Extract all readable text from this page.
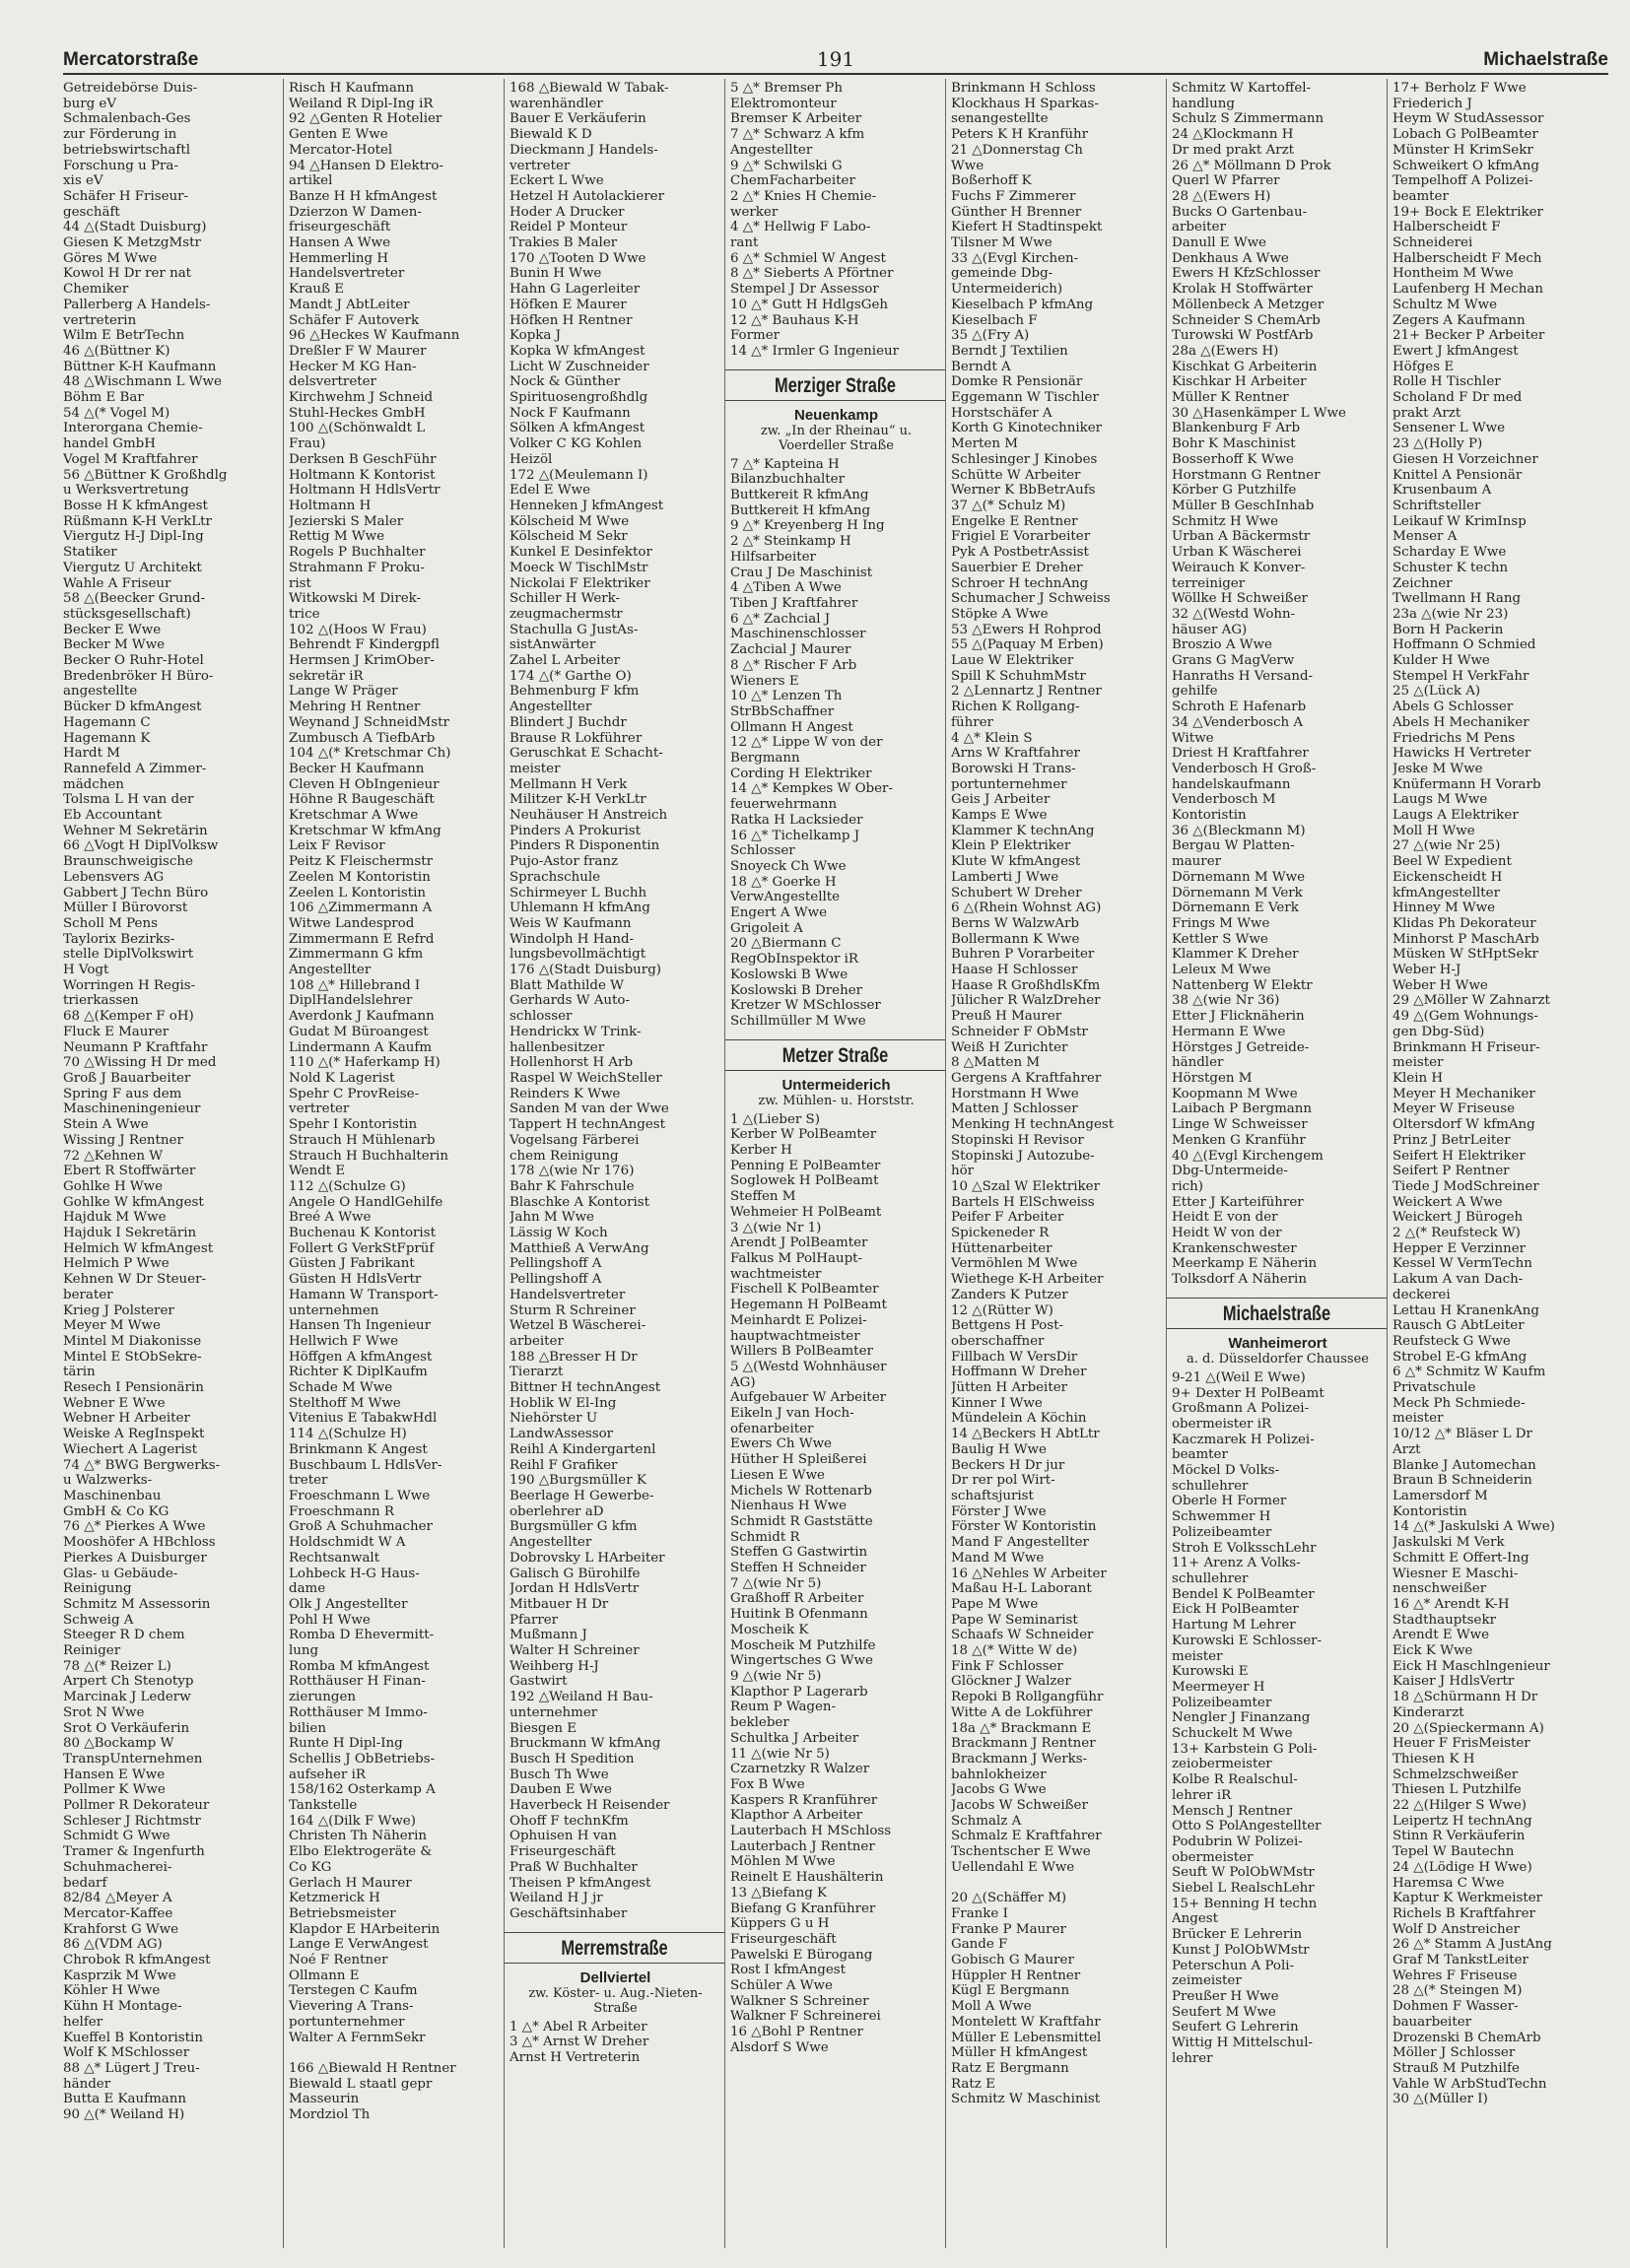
Mercatorstraße	191	Michaelstraße
Getreidebörse Duis-
burg eV
Schmalenbach-Ges
zur Förderung in
betriebswirtschaftl
Forschung u Pra-
xis eV
Schäfer H Friseur-
geschäft
44 △(Stadt Duisburg)
Giesen K MetzgMstr
Göres M Wwe
Kowol H Dr rer nat
Chemiker
Pallerberg A Handels-
vertreterin
Wilm E BetrTechn
46 △(Büttner K)
Büttner K-H Kaufmann
48 △Wischmann L Wwe
Böhm E Bar
54 △(* Vogel M)
Interorgana Chemie-
handel GmbH
Vogel M Kraftfahrer
56 △Büttner K Großhdlg
u Werksvertretung
Bosse H K kfmAngest
Rüßmann K-H VerkLtr
Viergutz H-J Dipl-Ing
Statiker
Viergutz U Architekt
Wahle A Friseur
58 △(Beecker Grund-
stücksgesellschaft)
Becker E Wwe
Becker M Wwe
Becker O Ruhr-Hotel
Bredenbröker H Büro-
angestellte
Bücker D kfmAngest
Hagemann C
Hagemann K
Hardt M
Rannefeld A Zimmer-
mädchen
Tolsma L H van der
Eb Accountant
Wehner M Sekretärin
66 △Vogt H DiplVolksw
Braunschweigische
Lebensvers AG
Gabbert J Techn Büro
Müller I Bürovorst
Scholl M Pens
Taylorix Bezirks-
stelle DiplVolkswirt
H Vogt
Worringen H Regis-
trierkassen
68 △(Kemper F oH)
Fluck E Maurer
Neumann P Kraftfahr
70 △Wissing H Dr med
Groß J Bauarbeiter
Spring F aus dem
Maschineningenieur
Stein A Wwe
Wissing J Rentner
72 △Kehnen W
Ebert R Stoffwärter
Gohlke H Wwe
Gohlke W kfmAngest
Hajduk M Wwe
Hajduk I Sekretärin
Helmich W kfmAngest
Helmich P Wwe
Kehnen W Dr Steuer-
berater
Krieg J Polsterer
Meyer M Wwe
Mintel M Diakonisse
Mintel E StObSekre-
tärin
Resech I Pensionärin
Webner E Wwe
Webner H Arbeiter
Weiske A RegInspekt
Wiechert A Lagerist
74 △* BWG Bergwerks-
u Walzwerks-
Maschinenbau
GmbH & Co KG
76 △* Pierkes A Wwe
Mooshöfer A HBchloss
Pierkes A Duisburger
Glas- u Gebäude-
Reinigung
Schmitz M Assessorin
Schweig A
Steeger R D chem
Reiniger
78 △(* Reizer L)
Arpert Ch Stenotyp
Marcinak J Lederw
Srot N Wwe
Srot O Verkäuferin
80 △Bockamp W
TranspUnternehmen
Hansen E Wwe
Pollmer K Wwe
Pollmer R Dekorateur
Schleser J Richtmstr
Schmidt G Wwe
Tramer & Ingenfurth
Schuhmacherei-
bedarf
82/84 △Meyer A
Mercator-Kaffee
Krahforst G Wwe
86 △(VDM AG)
Chrobok R kfmAngest
Kasprzik M Wwe
Köhler H Wwe
Kühn H Montage-
helfer
Kueffel B Kontoristin
Wolf K MSchlosser
88 △* Lügert J Treu-
händer
Butta E Kaufmann
90 △(* Weiland H)
Risch H Kaufmann
Weiland R Dipl-Ing iR
92 △Genten R Hotelier
Genten E Wwe
Mercator-Hotel
94 △Hansen D Elektro-
artikel
Banze H H kfmAngest
Dzierzon W Damen-
friseurgeschäft
Hansen A Wwe
Hemmerling H
Handelsvertreter
Krauß E
Mandt J AbtLeiter
Schäfer F Autoverk
96 △Heckes W Kaufmann
Dreßler F W Maurer
Hecker M KG Han-
delsvertreter
Kirchwehm J Schneid
Stuhl-Heckes GmbH
100 △(Schönwaldt L
Frau)
Derksen B GeschFühr
Holtmann K Kontorist
Holtmann H HdlsVertr
Holtmann H
Jezierski S Maler
Rettig M Wwe
Rogels P Buchhalter
Strahmann F Proku-
rist
Witkowski M Direk-
trice
102 △(Hoos W Frau)
Behrendt F Kindergpfl
Hermsen J KrimOber-
sekretär iR
Lange W Präger
Mehring H Rentner
Weynand J SchneidMstr
Zumbusch A TiefbArb
104 △(* Kretschmar Ch)
Becker H Kaufmann
Cleven H ObIngenieur
Höhne R Baugeschäft
Kretschmar A Wwe
Kretschmar W kfmAng
Leix F Revisor
Peitz K Fleischermstr
Zeelen M Kontoristin
Zeelen L Kontoristin
106 △Zimmermann A
Witwe Landesprod
Zimmermann E Refrd
Zimmermann G kfm
Angestellter
108 △* Hillebrand I
DiplHandelslehrer
Averdonk J Kaufmann
Gudat M Büroangest
Lindermann A Kaufm
110 △(* Haferkamp H)
Nold K Lagerist
Spehr C ProvReise-
vertreter
Spehr I Kontoristin
Strauch H Mühlenarb
Strauch H Buchhalterin
Wendt E
112 △(Schulze G)
Angele O HandlGehilfe
Breé A Wwe
Buchenau K Kontorist
Follert G VerkStFprüf
Güsten J Fabrikant
Güsten H HdlsVertr
Hamann W Transport-
unternehmen
Hansen Th Ingenieur
Hellwich F Wwe
Höffgen A kfmAngest
Richter K DiplKaufm
Schade M Wwe
Stelthoff M Wwe
Vitenius E TabakwHdl
114 △(Schulze H)
Brinkmann K Angest
Buschbaum L HdlsVer-
treter
Froeschmann L Wwe
Froeschmann R
Groß A Schuhmacher
Holdschmidt W A
Rechtsanwalt
Lohbeck H-G Haus-
dame
Olk J Angestellter
Pohl H Wwe
Romba D Ehevermitt-
lung
Romba M kfmAngest
Rotthäuser H Finan-
zierungen
Rotthäuser M Immo-
bilien
Runte H Dipl-Ing
Schellis J ObBetriebs-
aufseher iR
158/162 Osterkamp A
Tankstelle
164 △(Dilk F Wwe)
Christen Th Näherin
Elbo Elektrogeräte &
Co KG
Gerlach H Maurer
Ketzmerick H
Betriebsmeister
Klapdor E HArbeiterin
Lange E VerwAngest
Noé F Rentner
Ollmann E
Terstegen C Kaufm
Vievering A Trans-
portunternehmer
Walter A FernmSekr
166 △Biewald H Rentner
Biewald L staatl gepr
Masseurin
Mordziol Th
168 △Biewald W Tabak-
warenhändler
Bauer E Verkäuferin
Biewald K D
Dieckmann J Handels-
vertreter
Eckert L Wwe
Hetzel H Autolackierer
Hoder A Drucker
Reidel P Monteur
Trakies B Maler
170 △Tooten D Wwe
Bunin H Wwe
Hahn G Lagerleiter
Höfken E Maurer
Höfken H Rentner
Kopka J
Kopka W kfmAngest
Licht W Zuschneider
Nock & Günther
Spirituosengroßhdlg
Nock F Kaufmann
Sölken A kfmAngest
Volker C KG Kohlen
Heizöl
172 △(Meulemann I)
Edel E Wwe
Henneken J kfmAngest
Kölscheid M Wwe
Kölscheid M Sekr
Kunkel E Desinfektor
Moeck W TischlMstr
Nickolai F Elektriker
Schiller H Werk-
zeugmachermstr
Stachulla G JustAs-
sistAnwärter
Zahel L Arbeiter
174 △(* Garthe O)
Behmenburg F kfm
Angestellter
Blindert J Buchdr
Brause R Lokführer
Geruschkat E Schacht-
meister
Mellmann H Verk
Militzer K-H VerkLtr
Neuhäuser H Anstreich
Pinders A Prokurist
Pinders R Disponentin
Pujo-Astor franz
Sprachschule
Schirmeyer L Buchh
Uhlemann H kfmAng
Weis W Kaufmann
Windolph H Hand-
lungsbevollmächtigt
176 △(Stadt Duisburg)
Blatt Mathilde W
Gerhards W Auto-
schlosser
Hendrickx W Trink-
hallenbesitzer
Hollenhorst H Arb
Raspel W WeichSteller
Reinders K Wwe
Sanden M van der Wwe
Tappert H technAngest
Vogelsang Färberei
chem Reinigung
178 △(wie Nr 176)
Bahr K Fahrschule
Blaschke A Kontorist
Jahn M Wwe
Lässig W Koch
Matthieß A VerwAng
Pellingshoff A
Pellingshoff A
Handelsvertreter
Sturm R Schreiner
Wetzel B Wäscherei-
arbeiter
188 △Bresser H Dr
Tierarzt
Bittner H technAngest
Hoblik W El-Ing
Niehörster U
LandwAssessor
Reihl A Kindergartenl
Reihl F Grafiker
190 △Burgsmüller K
Beerlage H Gewerbe-
oberlehrer aD
Burgsmüller G kfm
Angestellter
Dobrovsky L HArbeiter
Galisch G Bürohilfe
Jordan H HdlsVertr
Mitbauer H Dr
Pfarrer
Mußmann J
Walter H Schreiner
Weihberg H-J
Gastwirt
192 △Weiland H Bau-
unternehmer
Biesgen E
Bruckmann W kfmAng
Busch H Spedition
Busch Th Wwe
Dauben E Wwe
Haverbeck H Reisender
Ohoff F technKfm
Ophuisen H van
Friseurgeschäft
Praß W Buchhalter
Theisen P kfmAngest
Weiland H J jr
Geschäftsinhaber
Merremstraße
Dellviertel
zw. Köster- u. Aug.-Nieten-Straße
1 △* Abel R Arbeiter
3 △* Arnst W Dreher
Arnst H Vertreterin
5 △* Bremser Ph
Elektromonteur
Bremser K Arbeiter
7 △* Schwarz A kfm
Angestellter
9 △* Schwilski G
ChemFacharbeiter
2 △* Knies H Chemie-
werker
4 △* Hellwig F Labo-
rant
6 △* Schmiel W Angest
8 △* Sieberts A Pförtner
Stempel J Dr Assessor
10 △* Gutt H HdlgsGeh
12 △* Bauhaus K-H
Former
14 △* Irmler G Ingenieur
Merziger Straße
Neuenkamp
zw. „In der Rheinau“ u. Voerdeller Straße
7 △* Kapteina H
Bilanzbuchhalter
Buttkereit R kfmAng
Buttkereit H kfmAng
9 △* Kreyenberg H Ing
2 △* Steinkamp H
Hilfsarbeiter
Crau J De Maschinist
4 △Tiben A Wwe
Tiben J Kraftfahrer
6 △* Zachcial J
Maschinenschlosser
Zachcial J Maurer
8 △* Rischer F Arb
Wieners E
10 △* Lenzen Th
StrBbSchaffner
Ollmann H Angest
12 △* Lippe W von der
Bergmann
Cording H Elektriker
14 △* Kempkes W Ober-
feuerwehrmann
Ratka H Lacksieder
16 △* Tichelkamp J
Schlosser
Snoyeck Ch Wwe
18 △* Goerke H
VerwAngestellte
Engert A Wwe
Grigoleit A
20 △Biermann C
RegObInspektor iR
Koslowski B Wwe
Koslowski B Dreher
Kretzer W MSchlosser
Schillmüller M Wwe
Metzer Straße
Untermeiderich
zw. Mühlen- u. Horststr.
1 △(Lieber S)
Kerber W PolBeamter
Kerber H
Penning E PolBeamter
Soglowek H PolBeamt
Steffen M
Wehmeier H PolBeamt
3 △(wie Nr 1)
Arendt J PolBeamter
Falkus M PolHaupt-
wachtmeister
Fischell K PolBeamter
Hegemann H PolBeamt
Meinhardt E Polizei-
hauptwachtmeister
Willers B PolBeamter
5 △(Westd Wohnhäuser
AG)
Aufgebauer W Arbeiter
Eikeln J van Hoch-
ofenarbeiter
Ewers Ch Wwe
Hüther H Spleißerei
Liesen E Wwe
Michels W Rottenarb
Nienhaus H Wwe
Schmidt R Gaststätte
Schmidt R
Steffen G Gastwirtin
Steffen H Schneider
7 △(wie Nr 5)
Graßhoff R Arbeiter
Huitink B Ofenmann
Moscheik K
Moscheik M Putzhilfe
Wingertsches G Wwe
9 △(wie Nr 5)
Klapthor P Lagerarb
Reum P Wagen-
bekleber
Schultka J Arbeiter
11 △(wie Nr 5)
Czarnetzky R Walzer
Fox B Wwe
Kaspers R Kranführer
Klapthor A Arbeiter
Lauterbach H MSchloss
Lauterbach J Rentner
Möhlen M Wwe
Reinelt E Haushälterin
13 △Biefang K
Biefang G Kranführer
Küppers G u H
Friseurgeschäft
Pawelski E Bürogang
Rost I kfmAngest
Schüler A Wwe
Walkner S Schreiner
Walkner F Schreinerei
16 △Bohl P Rentner
Alsdorf S Wwe
Brinkmann H Schloss
Klockhaus H Sparkas-
senangestellte
Peters K H Kranführ
21 △Donnerstag Ch
Wwe
Boßerhoff K
Fuchs F Zimmerer
Günther H Brenner
Kiefert H Stadtinspekt
Tilsner M Wwe
33 △(Evgl Kirchen-
gemeinde Dbg-
Untermeiderich)
Kieselbach P kfmAng
Kieselbach F
35 △(Fry A)
Berndt J Textilien
Berndt A
Domke R Pensionär
Eggemann W Tischler
Horstschäfer A
Korth G Kinotechniker
Merten M
Schlesinger J Kinobes
Schütte W Arbeiter
Werner K BbBetrAufs
37 △(* Schulz M)
Engelke E Rentner
Frigiel E Vorarbeiter
Pyk A PostbetrAssist
Sauerbier E Dreher
Schroer H technAng
Schumacher J Schweiss
Stöpke A Wwe
53 △Ewers H Rohprod
55 △(Paquay M Erben)
Laue W Elektriker
Spill K SchuhmMstr
2 △Lennartz J Rentner
Richen K Rollgang-
führer
4 △* Klein S
Arns W Kraftfahrer
Borowski H Trans-
portunternehmer
Geis J Arbeiter
Kamps E Wwe
Klammer K technAng
Klein P Elektriker
Klute W kfmAngest
Lamberti J Wwe
Schubert W Dreher
6 △(Rhein Wohnst AG)
Berns W WalzwArb
Bollermann K Wwe
Buhren P Vorarbeiter
Haase H Schlosser
Haase R GroßhdlsKfm
Jülicher R WalzDreher
Preuß H Maurer
Schneider F ObMstr
Weiß H Zurichter
8 △Matten M
Gergens A Kraftfahrer
Horstmann H Wwe
Matten J Schlosser
Menking H technAngest
Stopinski H Revisor
Stopinski J Autozube-
hör
10 △Szal W Elektriker
Bartels H ElSchweiss
Peifer F Arbeiter
Spickeneder R
Hüttenarbeiter
Vermöhlen M Wwe
Wiethege K-H Arbeiter
Zanders K Putzer
12 △(Rütter W)
Bettgens H Post-
oberschaffner
Fillbach W VersDir
Hoffmann W Dreher
Jütten H Arbeiter
Kinner I Wwe
Mündelein A Köchin
14 △Beckers H AbtLtr
Baulig H Wwe
Beckers H Dr jur
Dr rer pol Wirt-
schaftsjurist
Förster J Wwe
Förster W Kontoristin
Mand F Angestellter
Mand M Wwe
16 △Nehles W Arbeiter
Maßau H-L Laborant
Pape M Wwe
Pape W Seminarist
Schaafs W Schneider
18 △(* Witte W de)
Fink F Schlosser
Glöckner J Walzer
Repoki B Rollgangführ
Witte A de Lokführer
18a △* Brackmann E
Brackmann J Rentner
Brackmann J Werks-
bahnlokheizer
Jacobs G Wwe
Jacobs W Schweißer
Schmalz A
Schmalz E Kraftfahrer
Tschentscher E Wwe
Uellendahl E Wwe
20 △(Schäffer M)
Franke I
Franke P Maurer
Gande F
Gobisch G Maurer
Hüppler H Rentner
Kügl E Bergmann
Moll A Wwe
Montelett W Kraftfahr
Müller E Lebensmittel
Müller H kfmAngest
Ratz E Bergmann
Ratz E
Schmitz W Maschinist
Schmitz W Kartoffel-
handlung
Schulz S Zimmermann
24 △Klockmann H
Dr med prakt Arzt
26 △* Möllmann D Prok
Querl W Pfarrer
28 △(Ewers H)
Bucks O Gartenbau-
arbeiter
Danull E Wwe
Denkhaus A Wwe
Ewers H KfzSchlosser
Krolak H Stoffwärter
Möllenbeck A Metzger
Schneider S ChemArb
Turowski W PostfArb
28a △(Ewers H)
Kischkat G Arbeiterin
Kischkar H Arbeiter
Müller K Rentner
30 △Hasenkämper L Wwe
Blankenburg F Arb
Bohr K Maschinist
Bosserhoff K Wwe
Horstmann G Rentner
Körber G Putzhilfe
Müller B GeschInhab
Schmitz H Wwe
Urban A Bäckermstr
Urban K Wäscherei
Weirauch K Konver-
terreiniger
Wöllke H Schweißer
32 △(Westd Wohn-
häuser AG)
Broszio A Wwe
Grans G MagVerw
Hanraths H Versand-
gehilfe
Schroth E Hafenarb
34 △Venderbosch A
Witwe
Driest H Kraftfahrer
Venderbosch H Groß-
handelskaufmann
Venderbosch M
Kontoristin
36 △(Bleckmann M)
Bergau W Platten-
maurer
Dörnemann M Wwe
Dörnemann M Verk
Dörnemann E Verk
Frings M Wwe
Kettler S Wwe
Klammer K Dreher
Leleux M Wwe
Nattenberg W Elektr
38 △(wie Nr 36)
Etter J Flicknäherin
Hermann E Wwe
Hörstges J Getreide-
händler
Hörstgen M
Koopmann M Wwe
Laibach P Bergmann
Linge W Schweisser
Menken G Kranführ
40 △(Evgl Kirchengem
Dbg-Untermeide-
rich)
Etter J Karteiführer
Heidt E von der
Heidt W von der
Krankenschwester
Meerkamp E Näherin
Tolksdorf A Näherin
Michaelstraße
Wanheimerort
a. d. Düsseldorfer Chaussee
9-21 △(Weil E Wwe)
9+ Dexter H PolBeamt
Großmann A Polizei-
obermeister iR
Kaczmarek H Polizei-
beamter
Möckel D Volks-
schullehrer
Oberle H Former
Schwemmer H
Polizeibeamter
Stroh E VolksschLehr
11+ Arenz A Volks-
schullehrer
Bendel K PolBeamter
Eick H PolBeamter
Hartung M Lehrer
Kurowski E Schlosser-
meister
Kurowski E
Meermeyer H
Polizeibeamter
Nengler J Finanzang
Schuckelt M Wwe
13+ Karbstein G Poli-
zeiobermeister
Kolbe R Realschul-
lehrer iR
Mensch J Rentner
Otto S PolAngestellter
Podubrin W Polizei-
obermeister
Seuft W PolObWMstr
Siebel L RealschLehr
15+ Benning H techn
Angest
Brücker E Lehrerin
Kunst J PolObWMstr
Peterschun A Poli-
zeimeister
Preußer H Wwe
Seufert M Wwe
Seufert G Lehrerin
Wittig H Mittelschul-
lehrer
17+ Berholz F Wwe
Friederich J
Heym W StudAssessor
Lobach G PolBeamter
Münster H KrimSekr
Schweikert O kfmAng
Tempelhoff A Polizei-
beamter
19+ Bock E Elektriker
Halberscheidt F
Schneiderei
Halberscheidt F Mech
Hontheim M Wwe
Laufenberg H Mechan
Schultz M Wwe
Zegers A Kaufmann
21+ Becker P Arbeiter
Ewert J kfmAngest
Höfges E
Rolle H Tischler
Scholand F Dr med
prakt Arzt
Sensener L Wwe
23 △(Holly P)
Giesen H Vorzeichner
Knittel A Pensionär
Krusenbaum A
Schriftsteller
Leikauf W KrimInsp
Menser A
Scharday E Wwe
Schuster K techn
Zeichner
Twellmann H Rang
23a △(wie Nr 23)
Born H Packerin
Hoffmann O Schmied
Kulder H Wwe
Stempel H VerkFahr
25 △(Lück A)
Abels G Schlosser
Abels H Mechaniker
Friedrichs M Pens
Hawicks H Vertreter
Jeske M Wwe
Knüfermann H Vorarb
Laugs M Wwe
Laugs A Elektriker
Moll H Wwe
27 △(wie Nr 25)
Beel W Expedient
Eickenscheidt H
kfmAngestellter
Hinney M Wwe
Klidas Ph Dekorateur
Minhorst P MaschArb
Müsken W StHptSekr
Weber H-J
Weber H Wwe
29 △Möller W Zahnarzt
49 △(Gem Wohnungs-
gen Dbg-Süd)
Brinkmann H Friseur-
meister
Klein H
Meyer H Mechaniker
Meyer W Friseuse
Oltersdorf W kfmAng
Prinz J BetrLeiter
Seifert H Elektriker
Seifert P Rentner
Tiede J ModSchreiner
Weickert A Wwe
Weickert J Bürogeh
2 △(* Reufsteck W)
Hepper E Verzinner
Kessel W VermTechn
Lakum A van Dach-
deckerei
Lettau H KranenkAng
Rausch G AbtLeiter
Reufsteck G Wwe
Strobel E-G kfmAng
6 △* Schmitz W Kaufm
Privatschule
Meck Ph Schmiede-
meister
10/12 △* Bläser L Dr
Arzt
Blanke J Automechan
Braun B Schneiderin
Lamersdorf M
Kontoristin
14 △(* Jaskulski A Wwe)
Jaskulski M Verk
Schmitt E Offert-Ing
Wiesner E Maschi-
nenschweißer
16 △* Arendt K-H
Stadthauptsekr
Arendt E Wwe
Eick K Wwe
Eick H Maschlngenieur
Kaiser J HdlsVertr
18 △Schürmann H Dr
Kinderarzt
20 △(Spieckermann A)
Heuer F FrisMeister
Thiesen K H
Schmelzschweißer
Thiesen L Putzhilfe
22 △(Hilger S Wwe)
Leipertz H technAng
Stinn R Verkäuferin
Tepel W Bautechn
24 △(Lödige H Wwe)
Haremsa C Wwe
Kaptur K Werkmeister
Richels B Kraftfahrer
Wolf D Anstreicher
26 △* Stamm A JustAng
Graf M TankstLeiter
Wehres F Friseuse
28 △(* Steingen M)
Dohmen F Wasser-
bauarbeiter
Drozenski B ChemArb
Möller J Schlosser
Strauß M Putzhilfe
Vahle W ArbStudTechn
30 △(Müller I)
